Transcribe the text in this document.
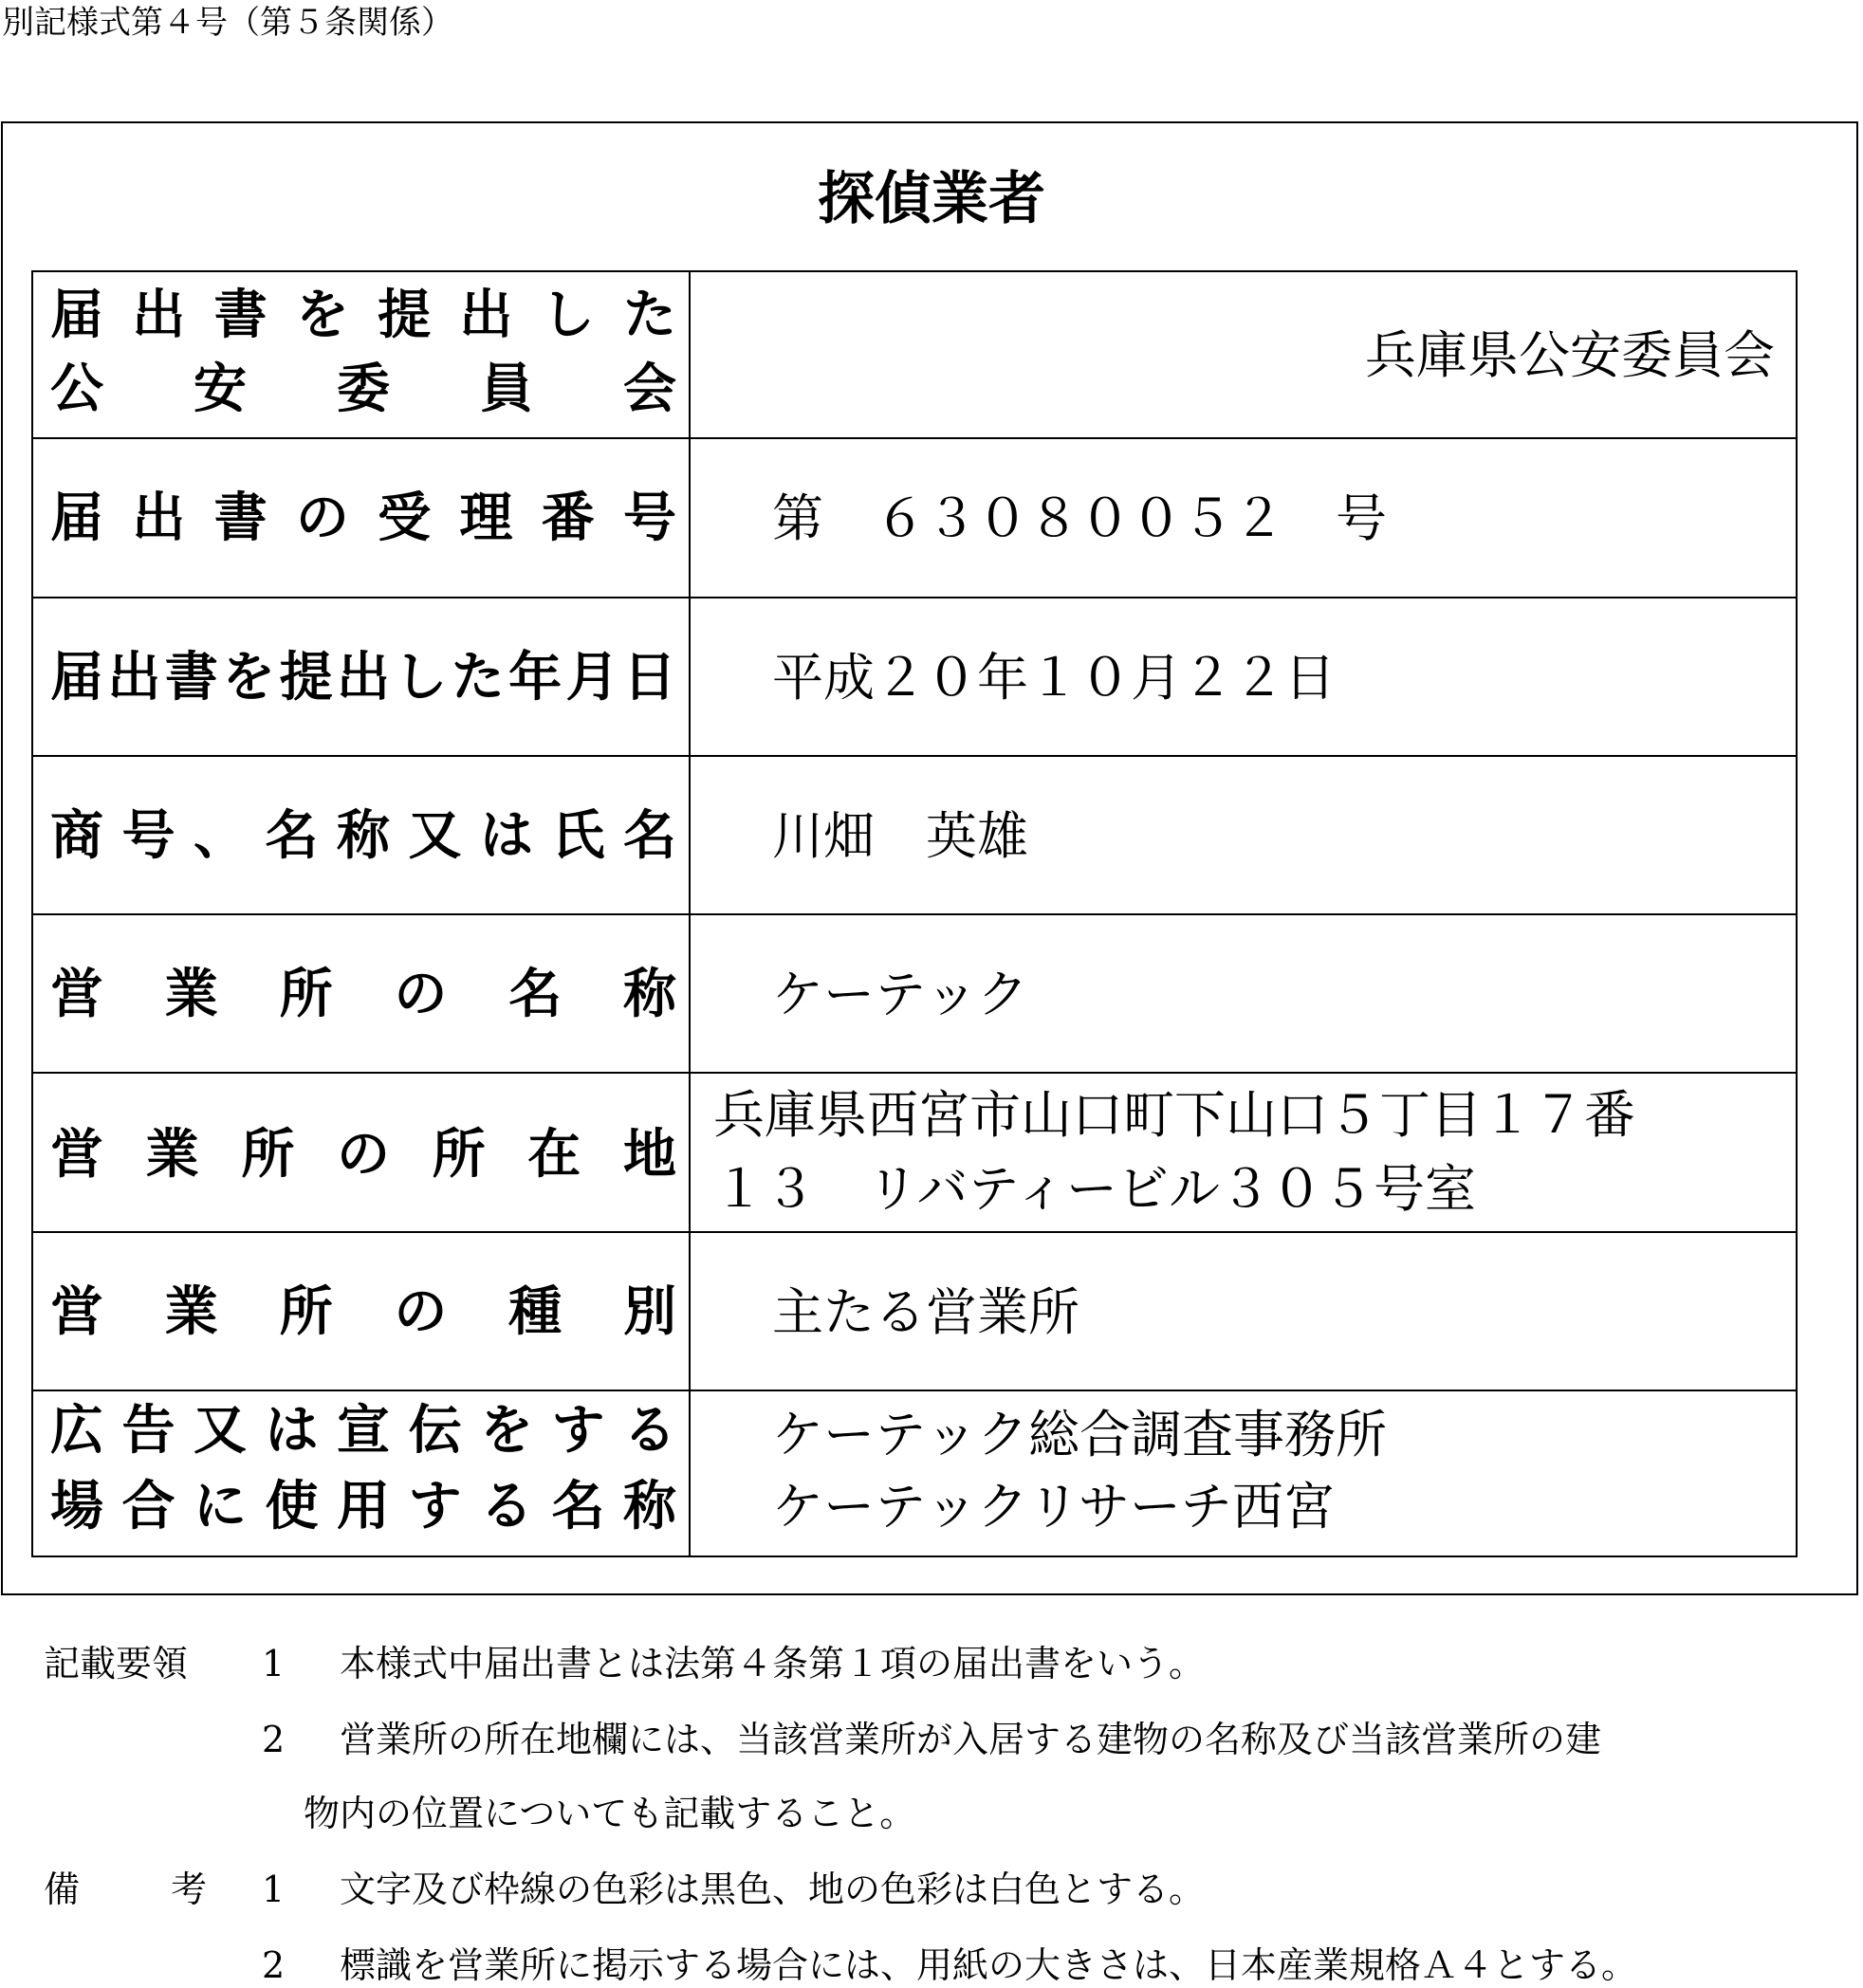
別記様式第４号（第５条関係）
探偵業者
届 出 書 を 提 出 し た
公 安 委 員 会
兵庫県公安委員会
届 出 書 の 受 理 番 号 第　６３０８００５２　号
届 出 書 を 提 出 し た 年 月 日 平成２０年１０月２２日
商 号 、 名 称 又 は 氏 名 川畑　英雄
営 業 所 の 名 称 ケーテック
営 業 所 の 所 在 地
兵庫県西宮市山口町下山口５丁目１７番
１３　リバティービル３０５号室
営 業 所 の 種 別 主たる営業所
広 告 又 は 宣 伝 を す る
場 合 に 使 用 す る 名 称
ケーテック総合調査事務所
ケーテックリサーチ西宮
記載要領 1 本様式中届出書とは法第４条第１項の届出書をいう。
2 営業所の所在地欄には、当該営業所が入居する建物の名称及び当該営業所の建
物内の位置についても記載すること。
備	考 1 文字及び枠線の色彩は黒色、地の色彩は白色とする。
2 標識を営業所に掲示する場合には、用紙の大きさは、日本産業規格Ａ４とする。
